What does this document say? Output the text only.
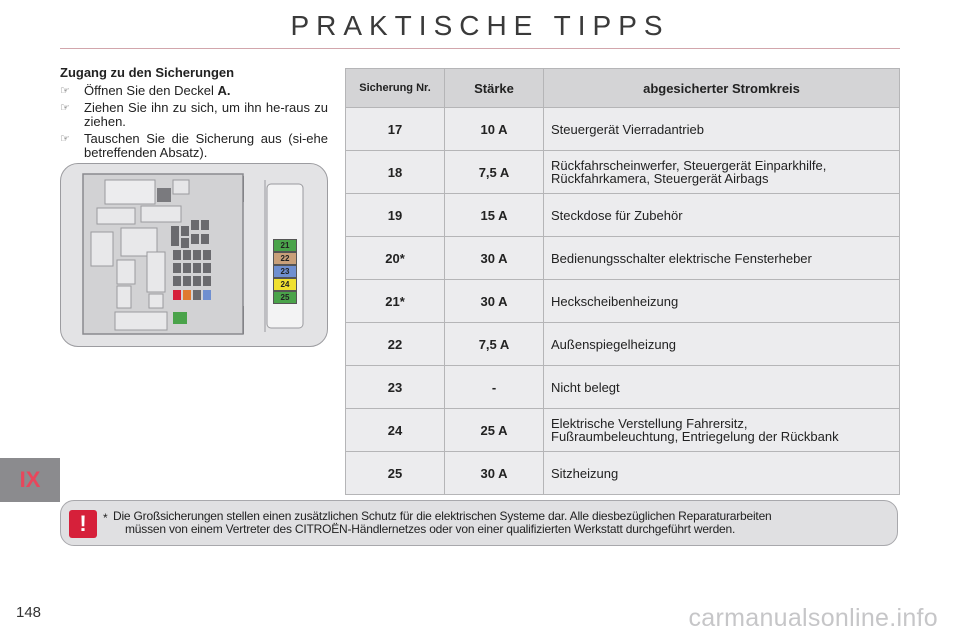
PRAKTISCHE TIPPS
Zugang zu den Sicherungen
☞	Öffnen Sie den Deckel A.
☞	Ziehen Sie ihn zu sich, um ihn he-raus zu ziehen.
☞	Tauschen Sie die Sicherung aus (si-ehe betreffenden Absatz).
21
22
23
24
25
Sicherung Nr.	Stärke	abgesicherter Stromkreis
17	10 A	Steuergerät Vierradantrieb
18	7,5 A	Rückfahrscheinwerfer, Steuergerät Einparkhilfe,
Rückfahrkamera, Steuergerät Airbags
19	15 A	Steckdose für Zubehör
20*	30 A	Bedienungsschalter elektrische Fensterheber
21*	30 A	Heckscheibenheizung
22	7,5 A	Außenspiegelheizung
23	-	Nicht belegt
24	25 A	Elektrische Verstellung Fahrersitz,
Fußraumbeleuchtung, Entriegelung der Rückbank
25	30 A	Sitzheizung
IX
!	* Die Großsicherungen stellen einen zusätzlichen Schutz für die elektrischen Systeme dar. Alle diesbezüglichen Reparaturarbeiten
müssen von einem Vertreter des CITROËN-Händlernetzes oder von einer qualifizierten Werkstatt durchgeführt werden.
148	carmanualsonline.info
